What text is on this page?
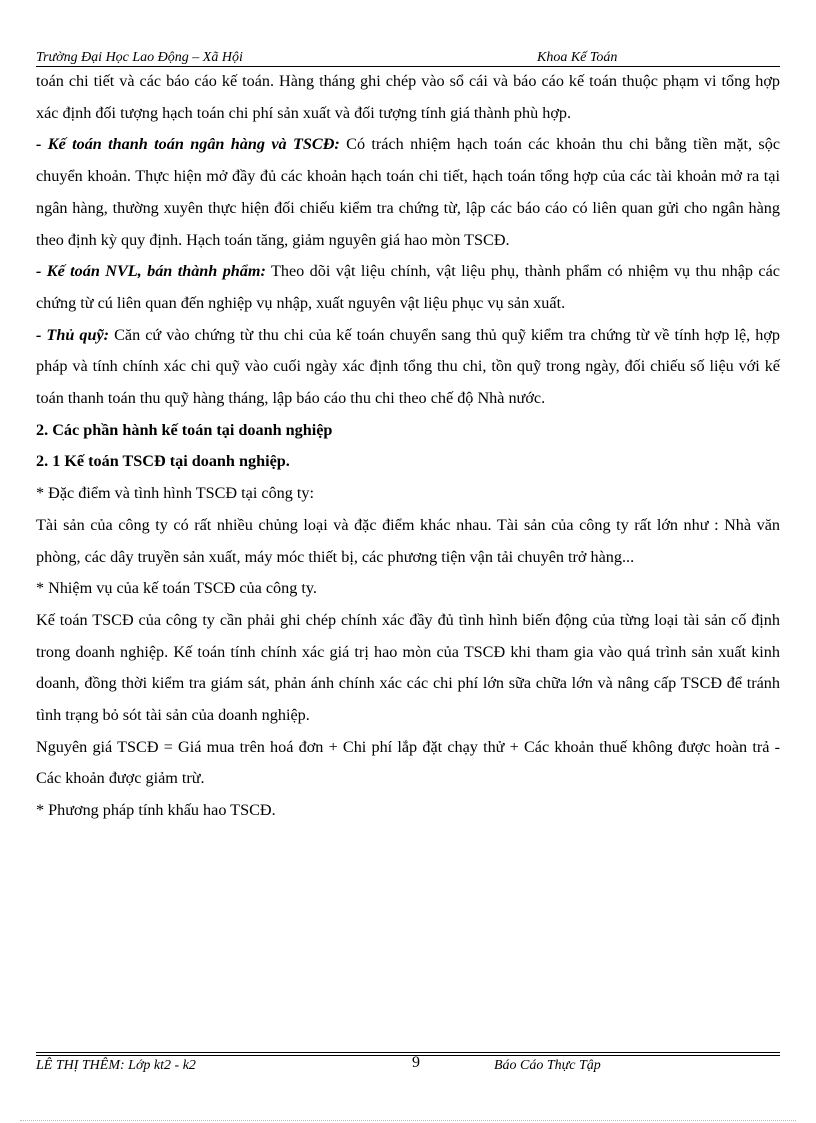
Trường Đại Học Lao Động – Xã Hội	Khoa Kế Toán

toán chi tiết và các báo cáo kế toán. Hàng tháng ghi chép vào sổ cái và báo cáo kế toán thuộc phạm vi tổng hợp xác định đối tượng hạch toán chi phí sản xuất và đối tượng tính giá thành phù hợp.

- Kế toán thanh toán ngân hàng và TSCĐ: Có trách nhiệm hạch toán các khoản thu chi bằng tiền mặt, sộc chuyển khoản. Thực hiện mở đầy đủ các khoản hạch toán chi tiết, hạch toán tổng hợp của các tài khoản mở ra tại ngân hàng, thường xuyên thực hiện đối chiếu kiểm tra chứng từ, lập các báo cáo có liên quan gửi cho ngân hàng theo định kỳ quy định. Hạch toán tăng, giảm nguyên giá hao mòn TSCĐ.

- Kế toán NVL, bán thành phẩm: Theo dõi vật liệu chính, vật liệu phụ, thành phẩm có nhiệm vụ thu nhập các chứng từ cú liên quan đến nghiệp vụ nhập, xuất nguyên vật liệu phục vụ sản xuất.

- Thủ quỹ: Căn cứ vào chứng từ thu chi của kế toán chuyển sang thủ quỹ kiểm tra chứng từ về tính hợp lệ, hợp pháp và tính chính xác chi quỹ vào cuối ngày xác định tổng thu chi, tồn quỹ trong ngày, đối chiếu số liệu với kế toán thanh toán thu quỹ hàng tháng, lập báo cáo thu chi theo chế độ Nhà nước.

2. Các phần hành kế toán tại doanh nghiệp

2. 1 Kế toán TSCĐ tại doanh nghiệp.

* Đặc điểm và tình hình TSCĐ tại công ty:

Tài sản của công ty có rất nhiều chủng loại và đặc điểm khác nhau. Tài sản của công ty rất lớn như : Nhà văn phòng, các dây truyền sản xuất, máy móc thiết bị, các phương tiện vận tải chuyên trở hàng...

* Nhiệm vụ của kế toán TSCĐ của công ty.

Kế toán TSCĐ của công ty cần phải ghi chép chính xác đầy đủ tình hình biến động của từng loại tài sản cố định trong doanh nghiệp. Kế toán tính chính xác giá trị hao mòn của TSCĐ khi tham gia vào quá trình sản xuất kinh doanh, đồng thời kiểm tra giám sát, phản ánh chính xác các chi phí lớn sữa chữa lớn và nâng cấp TSCĐ để tránh tình trạng bỏ sót tài sản của doanh nghiệp.

Nguyên giá TSCĐ = Giá mua trên hoá đơn + Chi phí lắp đặt chạy thử + Các khoản thuế không được hoàn trả - Các khoản được giảm trừ.

* Phương pháp tính khấu hao TSCĐ.

LÊ THỊ THÊM: Lớp kt2 - k2	9	Báo Cáo Thực Tập
